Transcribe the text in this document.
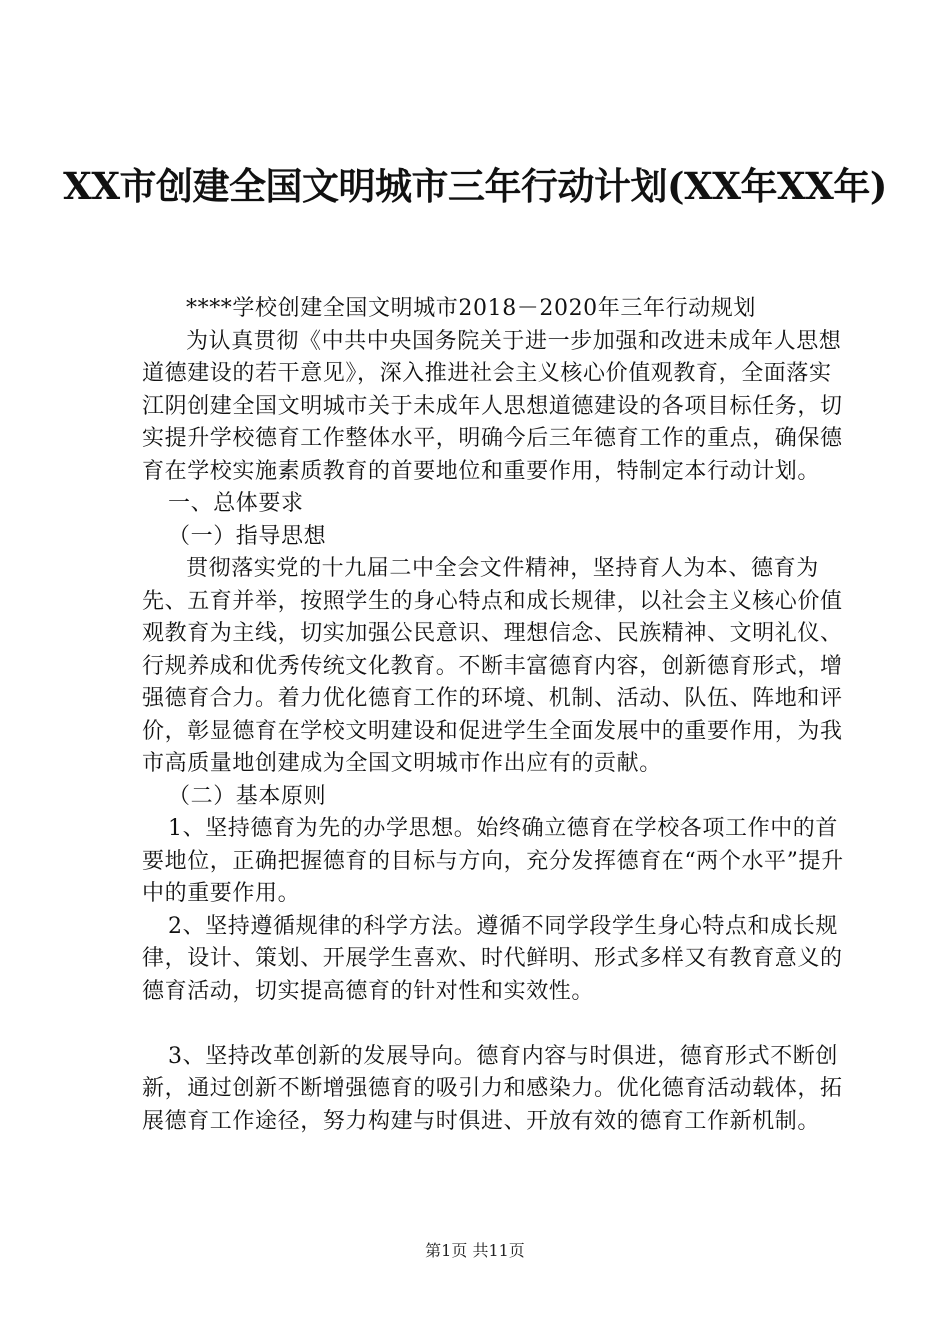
XX市创建全国文明城市三年行动计划(XX年XX年)

****学校创建全国文明城市2018－2020年三年行动规划

为认真贯彻《中共中央国务院关于进一步加强和改进未成年人思想道德建设的若干意见》，深入推进社会主义核心价值观教育，全面落实江阴创建全国文明城市关于未成年人思想道德建设的各项目标任务，切实提升学校德育工作整体水平，明确今后三年德育工作的重点，确保德育在学校实施素质教育的首要地位和重要作用，特制定本行动计划。

一、总体要求

（一）指导思想

贯彻落实党的十九届二中全会文件精神，坚持育人为本、德育为先、五育并举，按照学生的身心特点和成长规律，以社会主义核心价值观教育为主线，切实加强公民意识、理想信念、民族精神、文明礼仪、行规养成和优秀传统文化教育。不断丰富德育内容，创新德育形式，增强德育合力。着力优化德育工作的环境、机制、活动、队伍、阵地和评价，彰显德育在学校文明建设和促进学生全面发展中的重要作用，为我市高质量地创建成为全国文明城市作出应有的贡献。

（二）基本原则

1、坚持德育为先的办学思想。始终确立德育在学校各项工作中的首要地位，正确把握德育的目标与方向，充分发挥德育在“两个水平”提升中的重要作用。

2、坚持遵循规律的科学方法。遵循不同学段学生身心特点和成长规律，设计、策划、开展学生喜欢、时代鲜明、形式多样又有教育意义的德育活动，切实提高德育的针对性和实效性。

3、坚持改革创新的发展导向。德育内容与时俱进，德育形式不断创新，通过创新不断增强德育的吸引力和感染力。优化德育活动载体，拓展德育工作途径，努力构建与时俱进、开放有效的德育工作新机制。

第1页 共11页
